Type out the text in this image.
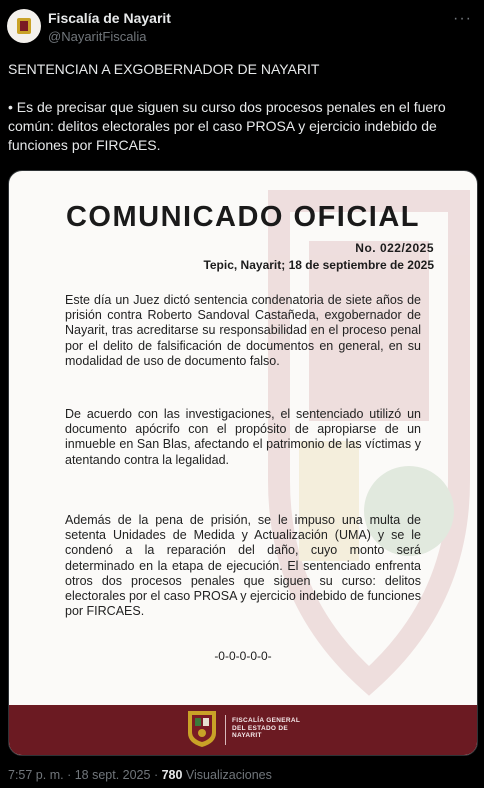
Fiscalía de Nayarit
@NayaritFiscalia
···

SENTENCIAN A EXGOBERNADOR DE NAYARIT

• Es de precisar que siguen su curso dos procesos penales en el fuero común: delitos electorales por el caso PROSA y ejercicio indebido de funciones por FIRCAES.

COMUNICADO OFICIAL
No. 022/2025
Tepic, Nayarit; 18 de septiembre de 2025

Este día un Juez dictó sentencia condenatoria de siete años de prisión contra Roberto Sandoval Castañeda, exgobernador de Nayarit, tras acreditarse su responsabilidad en el proceso penal por el delito de falsificación de documentos en general, en su modalidad de uso de documento falso.

De acuerdo con las investigaciones, el sentenciado utilizó un documento apócrifo con el propósito de apropiarse de un inmueble en San Blas, afectando el patrimonio de las víctimas y atentando contra la legalidad.

Además de la pena de prisión, se le impuso una multa de setenta Unidades de Medida y Actualización (UMA) y se le condenó a la reparación del daño, cuyo monto será determinado en la etapa de ejecución. El sentenciado enfrenta otros dos procesos penales que siguen su curso: delitos electorales por el caso PROSA y ejercicio indebido de funciones por FIRCAES.

-0-0-0-0-0-
FISCALÍA GENERAL
DEL ESTADO DE
NAYARIT
7:57 p. m. · 18 sept. 2025 · 780 Visualizaciones
